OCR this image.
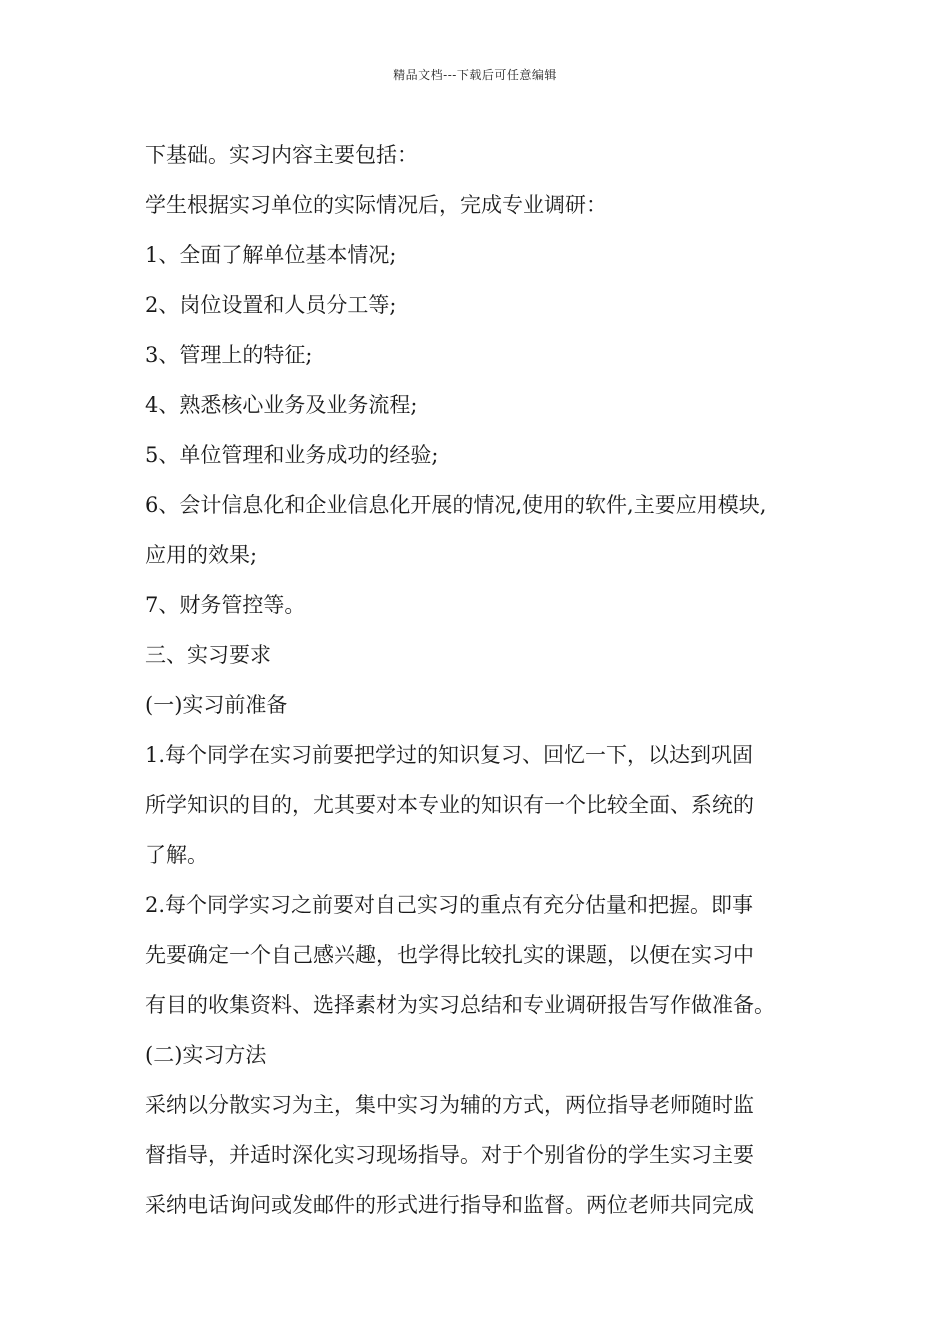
精品文档---下载后可任意编辑
下基础。实习内容主要包括：
学生根据实习单位的实际情况后，完成专业调研：
1、全面了解单位基本情况;
2、岗位设置和人员分工等;
3、管理上的特征;
4、熟悉核心业务及业务流程;
5、单位管理和业务成功的经验;
6、会计信息化和企业信息化开展的情况,使用的软件,主要应用模块,
应用的效果;
7、财务管控等。
三、实习要求
(一)实习前准备
1.每个同学在实习前要把学过的知识复习、回忆一下，以达到巩固
所学知识的目的，尤其要对本专业的知识有一个比较全面、系统的
了解。
2.每个同学实习之前要对自己实习的重点有充分估量和把握。即事
先要确定一个自己感兴趣，也学得比较扎实的课题，以便在实习中
有目的收集资料、选择素材为实习总结和专业调研报告写作做准备。
(二)实习方法
采纳以分散实习为主，集中实习为辅的方式，两位指导老师随时监
督指导，并适时深化实习现场指导。对于个别省份的学生实习主要
采纳电话询问或发邮件的形式进行指导和监督。两位老师共同完成
